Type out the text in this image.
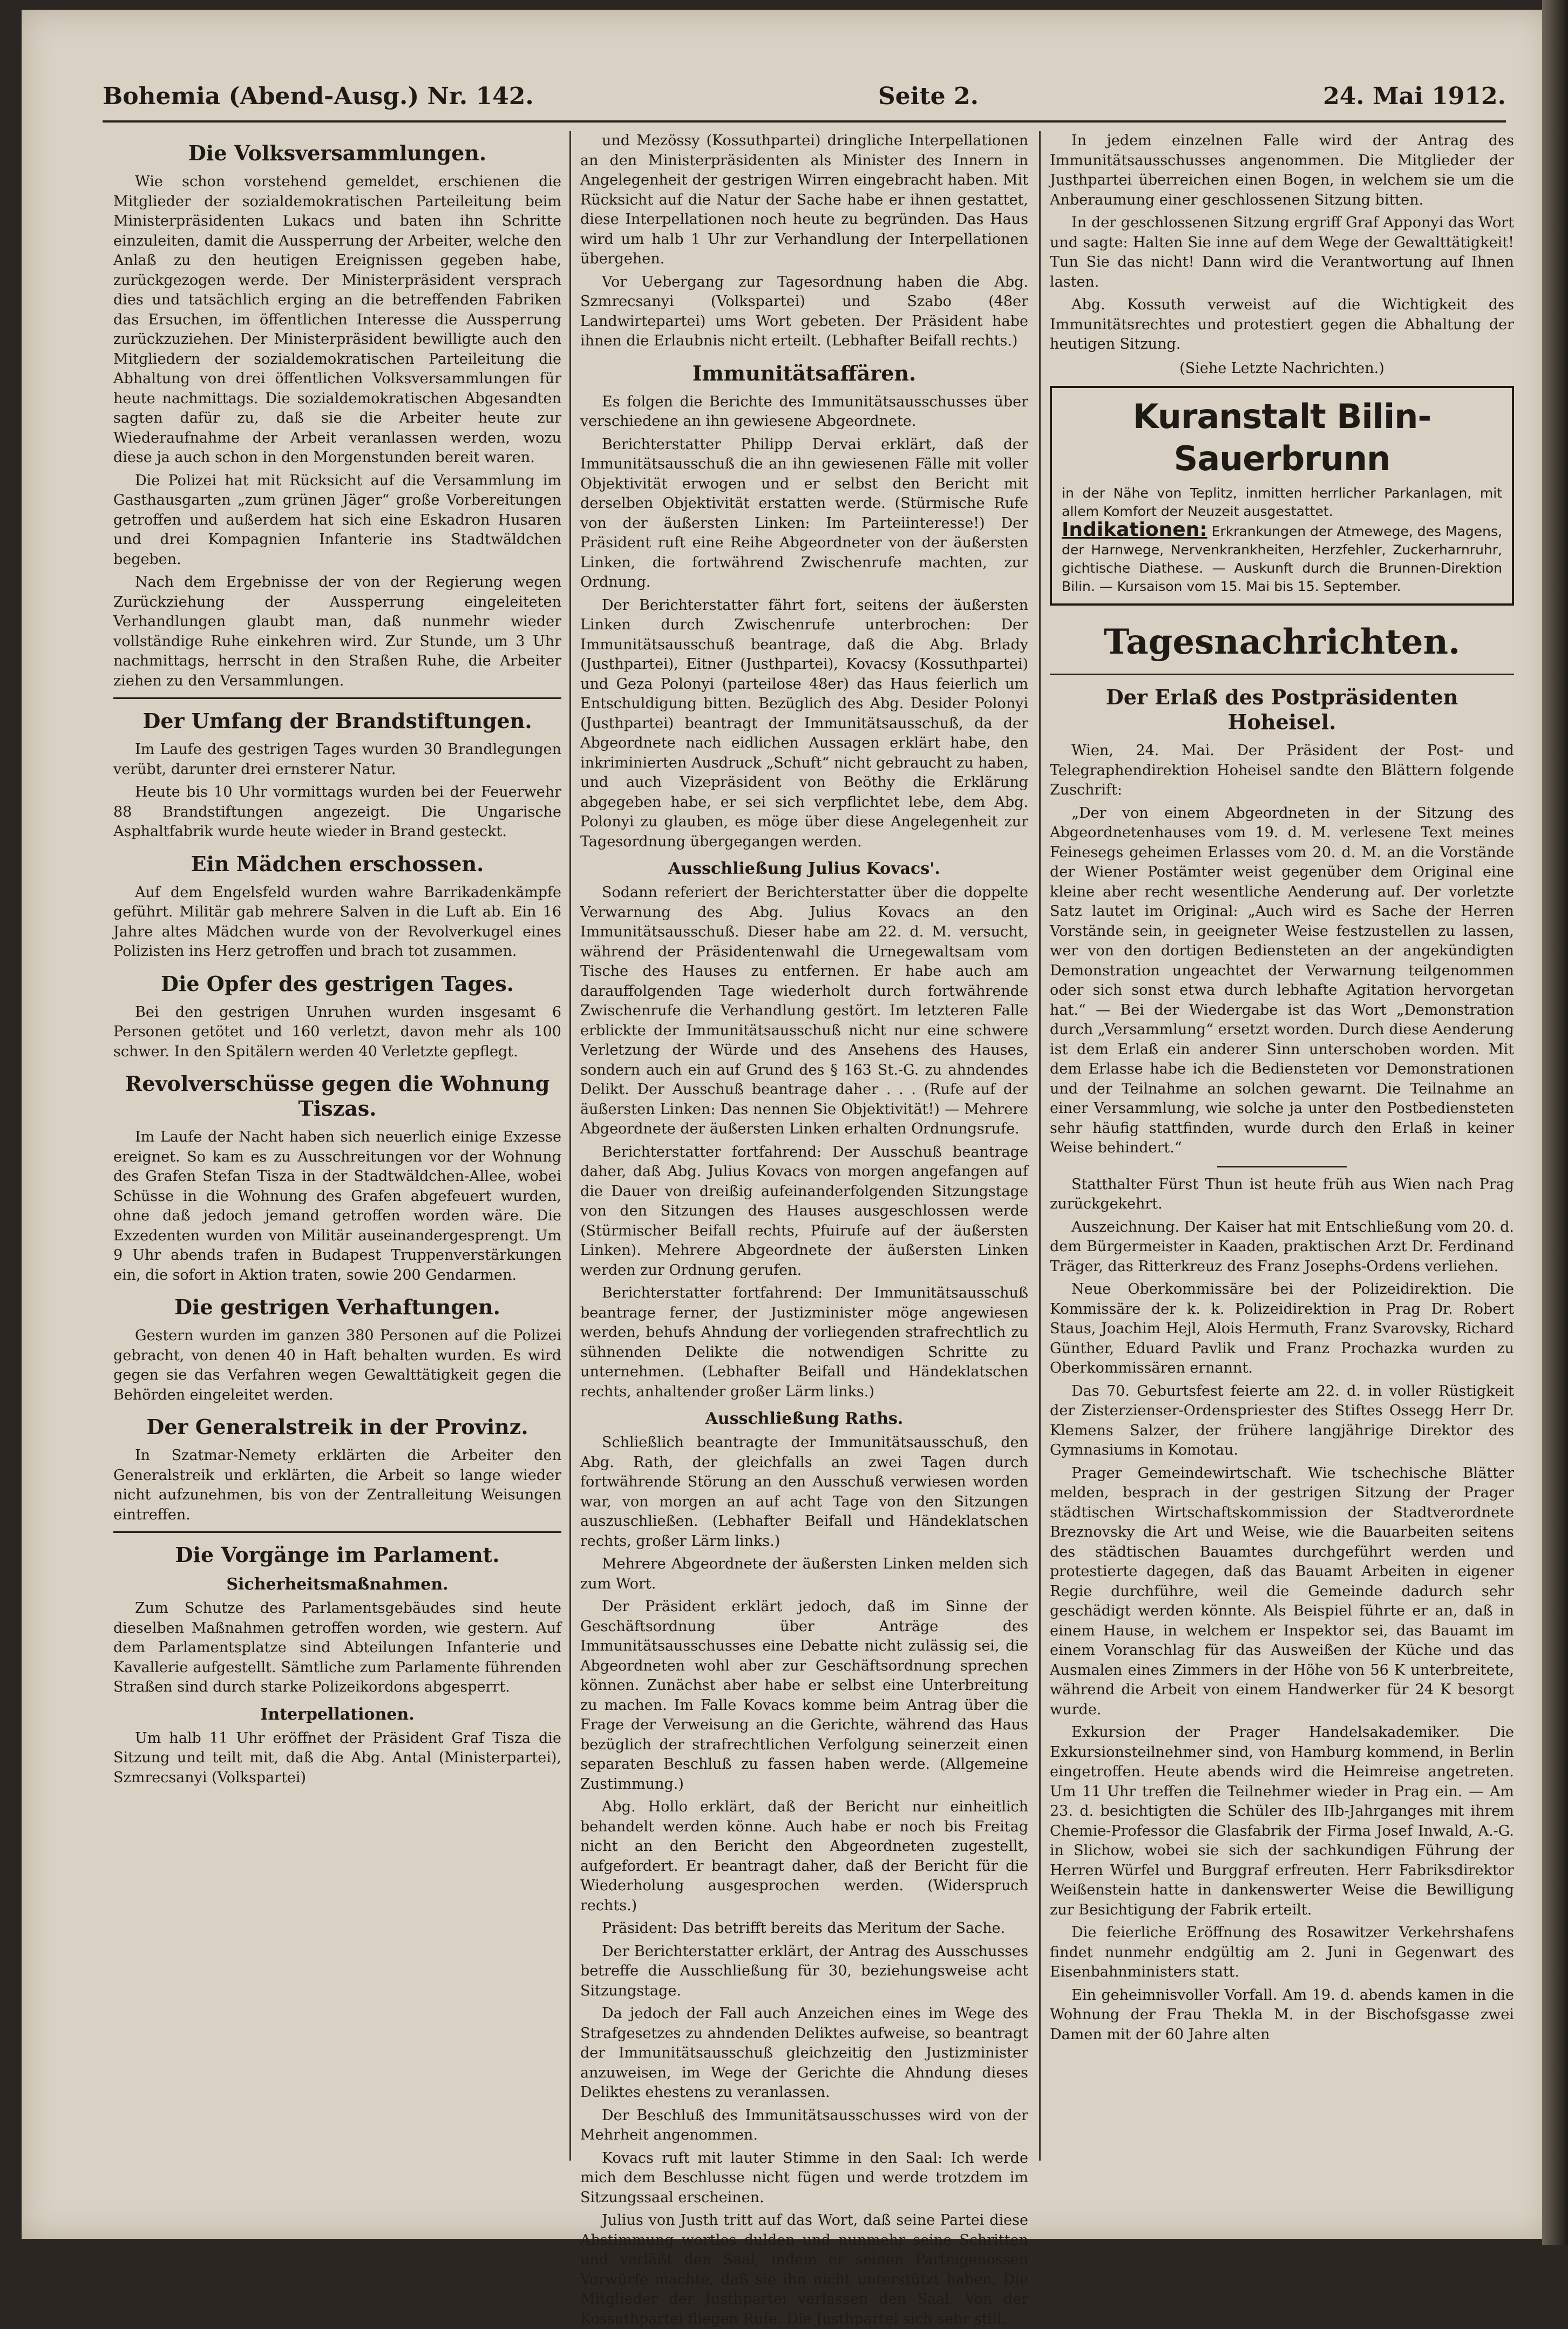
Bohemia (Abend-Ausg.) Nr. 142.	Seite 2.	24. Mai 1912.
Die Volksversammlungen.

Wie schon vorstehend gemeldet, erschienen die Mitglieder der sozialdemokratischen Parteileitung beim Ministerpräsidenten Lukacs und baten ihn Schritte einzuleiten, damit die Aussperrung der Arbeiter, welche den Anlaß zu den heutigen Ereignissen gegeben habe, zurückgezogen werde. Der Ministerpräsident versprach dies und tatsächlich erging an die betreffenden Fabriken das Ersuchen, im öffentlichen Interesse die Aussperrung zurückzuziehen. Der Ministerpräsident bewilligte auch den Mitgliedern der sozialdemokratischen Parteileitung die Abhaltung von drei öffentlichen Volksversammlungen für heute nachmittags. Die sozialdemokratischen Abgesandten sagten dafür zu, daß sie die Arbeiter heute zur Wiederaufnahme der Arbeit veranlassen werden, wozu diese ja auch schon in den Morgenstunden bereit waren.

Die Polizei hat mit Rücksicht auf die Versammlung im Gasthausgarten „zum grünen Jäger“ große Vorbereitungen getroffen und außerdem hat sich eine Eskadron Husaren und drei Kompagnien Infanterie ins Stadtwäldchen begeben.

Nach dem Ergebnisse der von der Regierung wegen Zurückziehung der Aussperrung eingeleiteten Verhandlungen glaubt man, daß nunmehr wieder vollständige Ruhe einkehren wird. Zur Stunde, um 3 Uhr nachmittags, herrscht in den Straßen Ruhe, die Arbeiter ziehen zu den Versammlungen.

Der Umfang der Brandstiftungen.

Im Laufe des gestrigen Tages wurden 30 Brandlegungen verübt, darunter drei ernsterer Natur.

Heute bis 10 Uhr vormittags wurden bei der Feuerwehr 88 Brandstiftungen angezeigt. Die Ungarische Asphaltfabrik wurde heute wieder in Brand gesteckt.

Ein Mädchen erschossen.

Auf dem Engelsfeld wurden wahre Barrikadenkämpfe geführt. Militär gab mehrere Salven in die Luft ab. Ein 16 Jahre altes Mädchen wurde von der Revolverkugel eines Polizisten ins Herz getroffen und brach tot zusammen.

Die Opfer des gestrigen Tages.

Bei den gestrigen Unruhen wurden insgesamt 6 Personen getötet und 160 verletzt, davon mehr als 100 schwer. In den Spitälern werden 40 Verletzte gepflegt.

Revolverschüsse gegen die Wohnung Tiszas.

Im Laufe der Nacht haben sich neuerlich einige Exzesse ereignet. So kam es zu Ausschreitungen vor der Wohnung des Grafen Stefan Tisza in der Stadtwäldchen-Allee, wobei Schüsse in die Wohnung des Grafen abgefeuert wurden, ohne daß jedoch jemand getroffen worden wäre. Die Exzedenten wurden von Militär auseinandergesprengt. Um 9 Uhr abends trafen in Budapest Truppenverstärkungen ein, die sofort in Aktion traten, sowie 200 Gendarmen.

Die gestrigen Verhaftungen.

Gestern wurden im ganzen 380 Personen auf die Polizei gebracht, von denen 40 in Haft behalten wurden. Es wird gegen sie das Verfahren wegen Gewalttätigkeit gegen die Behörden eingeleitet werden.

Der Generalstreik in der Provinz.

In Szatmar-Nemety erklärten die Arbeiter den Generalstreik und erklärten, die Arbeit so lange wieder nicht aufzunehmen, bis von der Zentralleitung Weisungen eintreffen.

Die Vorgänge im Parlament.
Sicherheitsmaßnahmen.

Zum Schutze des Parlamentsgebäudes sind heute dieselben Maßnahmen getroffen worden, wie gestern. Auf dem Parlamentsplatze sind Abteilungen Infanterie und Kavallerie aufgestellt. Sämtliche zum Parlamente führenden Straßen sind durch starke Polizeikordons abgesperrt.

Interpellationen.

Um halb 11 Uhr eröffnet der Präsident Graf Tisza die Sitzung und teilt mit, daß die Abg. Antal (Ministerpartei), Szmrecsanyi (Volkspartei)

und Mezössy (Kossuthpartei) dringliche Interpellationen an den Ministerpräsidenten als Minister des Innern in Angelegenheit der gestrigen Wirren eingebracht haben. Mit Rücksicht auf die Natur der Sache habe er ihnen gestattet, diese Interpellationen noch heute zu begründen. Das Haus wird um halb 1 Uhr zur Verhandlung der Interpellationen übergehen.

Vor Uebergang zur Tagesordnung haben die Abg. Szmrecsanyi (Volkspartei) und Szabo (48er Landwirtepartei) ums Wort gebeten. Der Präsident habe ihnen die Erlaubnis nicht erteilt. (Lebhafter Beifall rechts.)

Immunitätsaffären.

Es folgen die Berichte des Immunitätsausschusses über verschiedene an ihn gewiesene Abgeordnete.

Berichterstatter Philipp Dervai erklärt, daß der Immunitätsausschuß die an ihn gewiesenen Fälle mit voller Objektivität erwogen und er selbst den Bericht mit derselben Objektivität erstatten werde. (Stürmische Rufe von der äußersten Linken: Im Parteiinteresse!) Der Präsident ruft eine Reihe Abgeordneter von der äußersten Linken, die fortwährend Zwischenrufe machten, zur Ordnung.

Der Berichterstatter fährt fort, seitens der äußersten Linken durch Zwischenrufe unterbrochen: Der Immunitätsausschuß beantrage, daß die Abg. Brlady (Justhpartei), Eitner (Justhpartei), Kovacsy (Kossuthpartei) und Geza Polonyi (parteilose 48er) das Haus feierlich um Entschuldigung bitten. Bezüglich des Abg. Desider Polonyi (Justhpartei) beantragt der Immunitätsausschuß, da der Abgeordnete nach eidlichen Aussagen erklärt habe, den inkriminierten Ausdruck „Schuft“ nicht gebraucht zu haben, und auch Vizepräsident von Beöthy die Erklärung abgegeben habe, er sei sich verpflichtet lebe, dem Abg. Polonyi zu glauben, es möge über diese Angelegenheit zur Tagesordnung übergegangen werden.

Ausschließung Julius Kovacs'.

Sodann referiert der Berichterstatter über die doppelte Verwarnung des Abg. Julius Kovacs an den Immunitätsausschuß. Dieser habe am 22. d. M. versucht, während der Präsidentenwahl die Urnegewaltsam vom Tische des Hauses zu entfernen. Er habe auch am darauffolgenden Tage wiederholt durch fortwährende Zwischenrufe die Verhandlung gestört. Im letzteren Falle erblickte der Immunitätsausschuß nicht nur eine schwere Verletzung der Würde und des Ansehens des Hauses, sondern auch ein auf Grund des § 163 St.-G. zu ahndendes Delikt. Der Ausschuß beantrage daher . . . (Rufe auf der äußersten Linken: Das nennen Sie Objektivität!) — Mehrere Abgeordnete der äußersten Linken erhalten Ordnungsrufe.

Berichterstatter fortfahrend: Der Ausschuß beantrage daher, daß Abg. Julius Kovacs von morgen angefangen auf die Dauer von dreißig aufeinanderfolgenden Sitzungstage von den Sitzungen des Hauses ausgeschlossen werde (Stürmischer Beifall rechts, Pfuirufe auf der äußersten Linken). Mehrere Abgeordnete der äußersten Linken werden zur Ordnung gerufen.

Berichterstatter fortfahrend: Der Immunitätsausschuß beantrage ferner, der Justizminister möge angewiesen werden, behufs Ahndung der vorliegenden strafrechtlich zu sühnenden Delikte die notwendigen Schritte zu unternehmen. (Lebhafter Beifall und Händeklatschen rechts, anhaltender großer Lärm links.)

Ausschließung Raths.

Schließlich beantragte der Immunitätsausschuß, den Abg. Rath, der gleichfalls an zwei Tagen durch fortwährende Störung an den Ausschuß verwiesen worden war, von morgen an auf acht Tage von den Sitzungen auszuschließen. (Lebhafter Beifall und Händeklatschen rechts, großer Lärm links.)

Mehrere Abgeordnete der äußersten Linken melden sich zum Wort.

Der Präsident erklärt jedoch, daß im Sinne der Geschäftsordnung über Anträge des Immunitätsausschusses eine Debatte nicht zulässig sei, die Abgeordneten wohl aber zur Geschäftsordnung sprechen können. Zunächst aber habe er selbst eine Unterbreitung zu machen. Im Falle Kovacs komme beim Antrag über die Frage der Verweisung an die Gerichte, während das Haus bezüglich der strafrechtlichen Verfolgung seinerzeit einen separaten Beschluß zu fassen haben werde. (Allgemeine Zustimmung.)

Abg. Hollo erklärt, daß der Bericht nur einheitlich behandelt werden könne. Auch habe er noch bis Freitag nicht an den Bericht den Abgeordneten zugestellt, aufgefordert. Er beantragt daher, daß der Bericht für die Wiederholung ausgesprochen werden. (Widerspruch rechts.)

Präsident: Das betrifft bereits das Meritum der Sache.

Der Berichterstatter erklärt, der Antrag des Ausschusses betreffe die Ausschließung für 30, beziehungsweise acht Sitzungstage.

Da jedoch der Fall auch Anzeichen eines im Wege des Strafgesetzes zu ahndenden Deliktes aufweise, so beantragt der Immunitätsausschuß gleichzeitig den Justizminister anzuweisen, im Wege der Gerichte die Ahndung dieses Deliktes ehestens zu veranlassen.

Der Beschluß des Immunitätsausschusses wird von der Mehrheit angenommen.

Kovacs ruft mit lauter Stimme in den Saal: Ich werde mich dem Beschlusse nicht fügen und werde trotzdem im Sitzungssaal erscheinen.

Julius von Justh tritt auf das Wort, daß seine Partei diese Abstimmung wortlos dulden und nunmehr seine Schritten und verläßt den Saal, indem er seinen Parteigenossen Vorwürfe machte, daß sie ihn nicht unterstützt haben. Die Mitglieder der Justhpartei verlassen den Saal. Von der Kossuthpartei fliegen Rufe. Die Justhpartei sich sehr still.

In jedem einzelnen Falle wird der Antrag des Immunitätsausschusses angenommen. Die Mitglieder der Justhpartei überreichen einen Bogen, in welchem sie um die Anberaumung einer geschlossenen Sitzung bitten.

In der geschlossenen Sitzung ergriff Graf Apponyi das Wort und sagte: Halten Sie inne auf dem Wege der Gewalttätigkeit! Tun Sie das nicht! Dann wird die Verantwortung auf Ihnen lasten.

Abg. Kossuth verweist auf die Wichtigkeit des Immunitätsrechtes und protestiert gegen die Abhaltung der heutigen Sitzung.

(Siehe Letzte Nachrichten.)
Kuranstalt Bilin-Sauerbrunn
in der Nähe von Teplitz, inmitten herrlicher Parkanlagen, mit allem Komfort der Neuzeit ausgestattet.
Indikationen: Erkrankungen der Atmewege, des Magens, der Harnwege, Nervenkrankheiten, Herzfehler, Zuckerharnruhr, gichtische Diathese. — Auskunft durch die Brunnen-Direktion Bilin. — Kursaison vom 15. Mai bis 15. September.
Tagesnachrichten.
Der Erlaß des Postpräsidenten Hoheisel.

Wien, 24. Mai. Der Präsident der Post- und Telegraphendirektion Hoheisel sandte den Blättern folgende Zuschrift:

„Der von einem Abgeordneten in der Sitzung des Abgeordnetenhauses vom 19. d. M. verlesene Text meines Feinesegs geheimen Erlasses vom 20. d. M. an die Vorstände der Wiener Postämter weist gegenüber dem Original eine kleine aber recht wesentliche Aenderung auf. Der vorletzte Satz lautet im Original: „Auch wird es Sache der Herren Vorstände sein, in geeigneter Weise festzustellen zu lassen, wer von den dortigen Bediensteten an der angekündigten Demonstration ungeachtet der Verwarnung teilgenommen oder sich sonst etwa durch lebhafte Agitation hervorgetan hat.“ — Bei der Wiedergabe ist das Wort „Demonstration durch „Versammlung“ ersetzt worden. Durch diese Aenderung ist dem Erlaß ein anderer Sinn unterschoben worden. Mit dem Erlasse habe ich die Bediensteten vor Demonstrationen und der Teilnahme an solchen gewarnt. Die Teilnahme an einer Versammlung, wie solche ja unter den Postbediensteten sehr häufig stattfinden, wurde durch den Erlaß in keiner Weise behindert.“

Statthalter Fürst Thun ist heute früh aus Wien nach Prag zurückgekehrt.

Auszeichnung. Der Kaiser hat mit Entschließung vom 20. d. dem Bürgermeister in Kaaden, praktischen Arzt Dr. Ferdinand Träger, das Ritterkreuz des Franz Josephs-Ordens verliehen.

Neue Oberkommissäre bei der Polizeidirektion. Die Kommissäre der k. k. Polizeidirektion in Prag Dr. Robert Staus, Joachim Hejl, Alois Hermuth, Franz Svarovsky, Richard Günther, Eduard Pavlik und Franz Prochazka wurden zu Oberkommissären ernannt.

Das 70. Geburtsfest feierte am 22. d. in voller Rüstigkeit der Zisterzienser-Ordenspriester des Stiftes Ossegg Herr Dr. Klemens Salzer, der frühere langjährige Direktor des Gymnasiums in Komotau.

Prager Gemeindewirtschaft. Wie tschechische Blätter melden, besprach in der gestrigen Sitzung der Prager städtischen Wirtschaftskommission der Stadtverordnete Breznovsky die Art und Weise, wie die Bauarbeiten seitens des städtischen Bauamtes durchgeführt werden und protestierte dagegen, daß das Bauamt Arbeiten in eigener Regie durchführe, weil die Gemeinde dadurch sehr geschädigt werden könnte. Als Beispiel führte er an, daß in einem Hause, in welchem er Inspektor sei, das Bauamt im einem Voranschlag für das Ausweißen der Küche und das Ausmalen eines Zimmers in der Höhe von 56 K unterbreitete, während die Arbeit von einem Handwerker für 24 K besorgt wurde.

Exkursion der Prager Handelsakademiker. Die Exkursionsteilnehmer sind, von Hamburg kommend, in Berlin eingetroffen. Heute abends wird die Heimreise angetreten. Um 11 Uhr treffen die Teilnehmer wieder in Prag ein. — Am 23. d. besichtigten die Schüler des IIb-Jahrganges mit ihrem Chemie-Professor die Glasfabrik der Firma Josef Inwald, A.-G. in Slichow, wobei sie sich der sachkundigen Führung der Herren Würfel und Burggraf erfreuten. Herr Fabriksdirektor Weißenstein hatte in dankenswerter Weise die Bewilligung zur Besichtigung der Fabrik erteilt.

Die feierliche Eröffnung des Rosawitzer Verkehrshafens findet nunmehr endgültig am 2. Juni in Gegenwart des Eisenbahnministers statt.

Ein geheimnisvoller Vorfall. Am 19. d. abends kamen in die Wohnung der Frau Thekla M. in der Bischofsgasse zwei Damen mit der 60 Jahre alten
